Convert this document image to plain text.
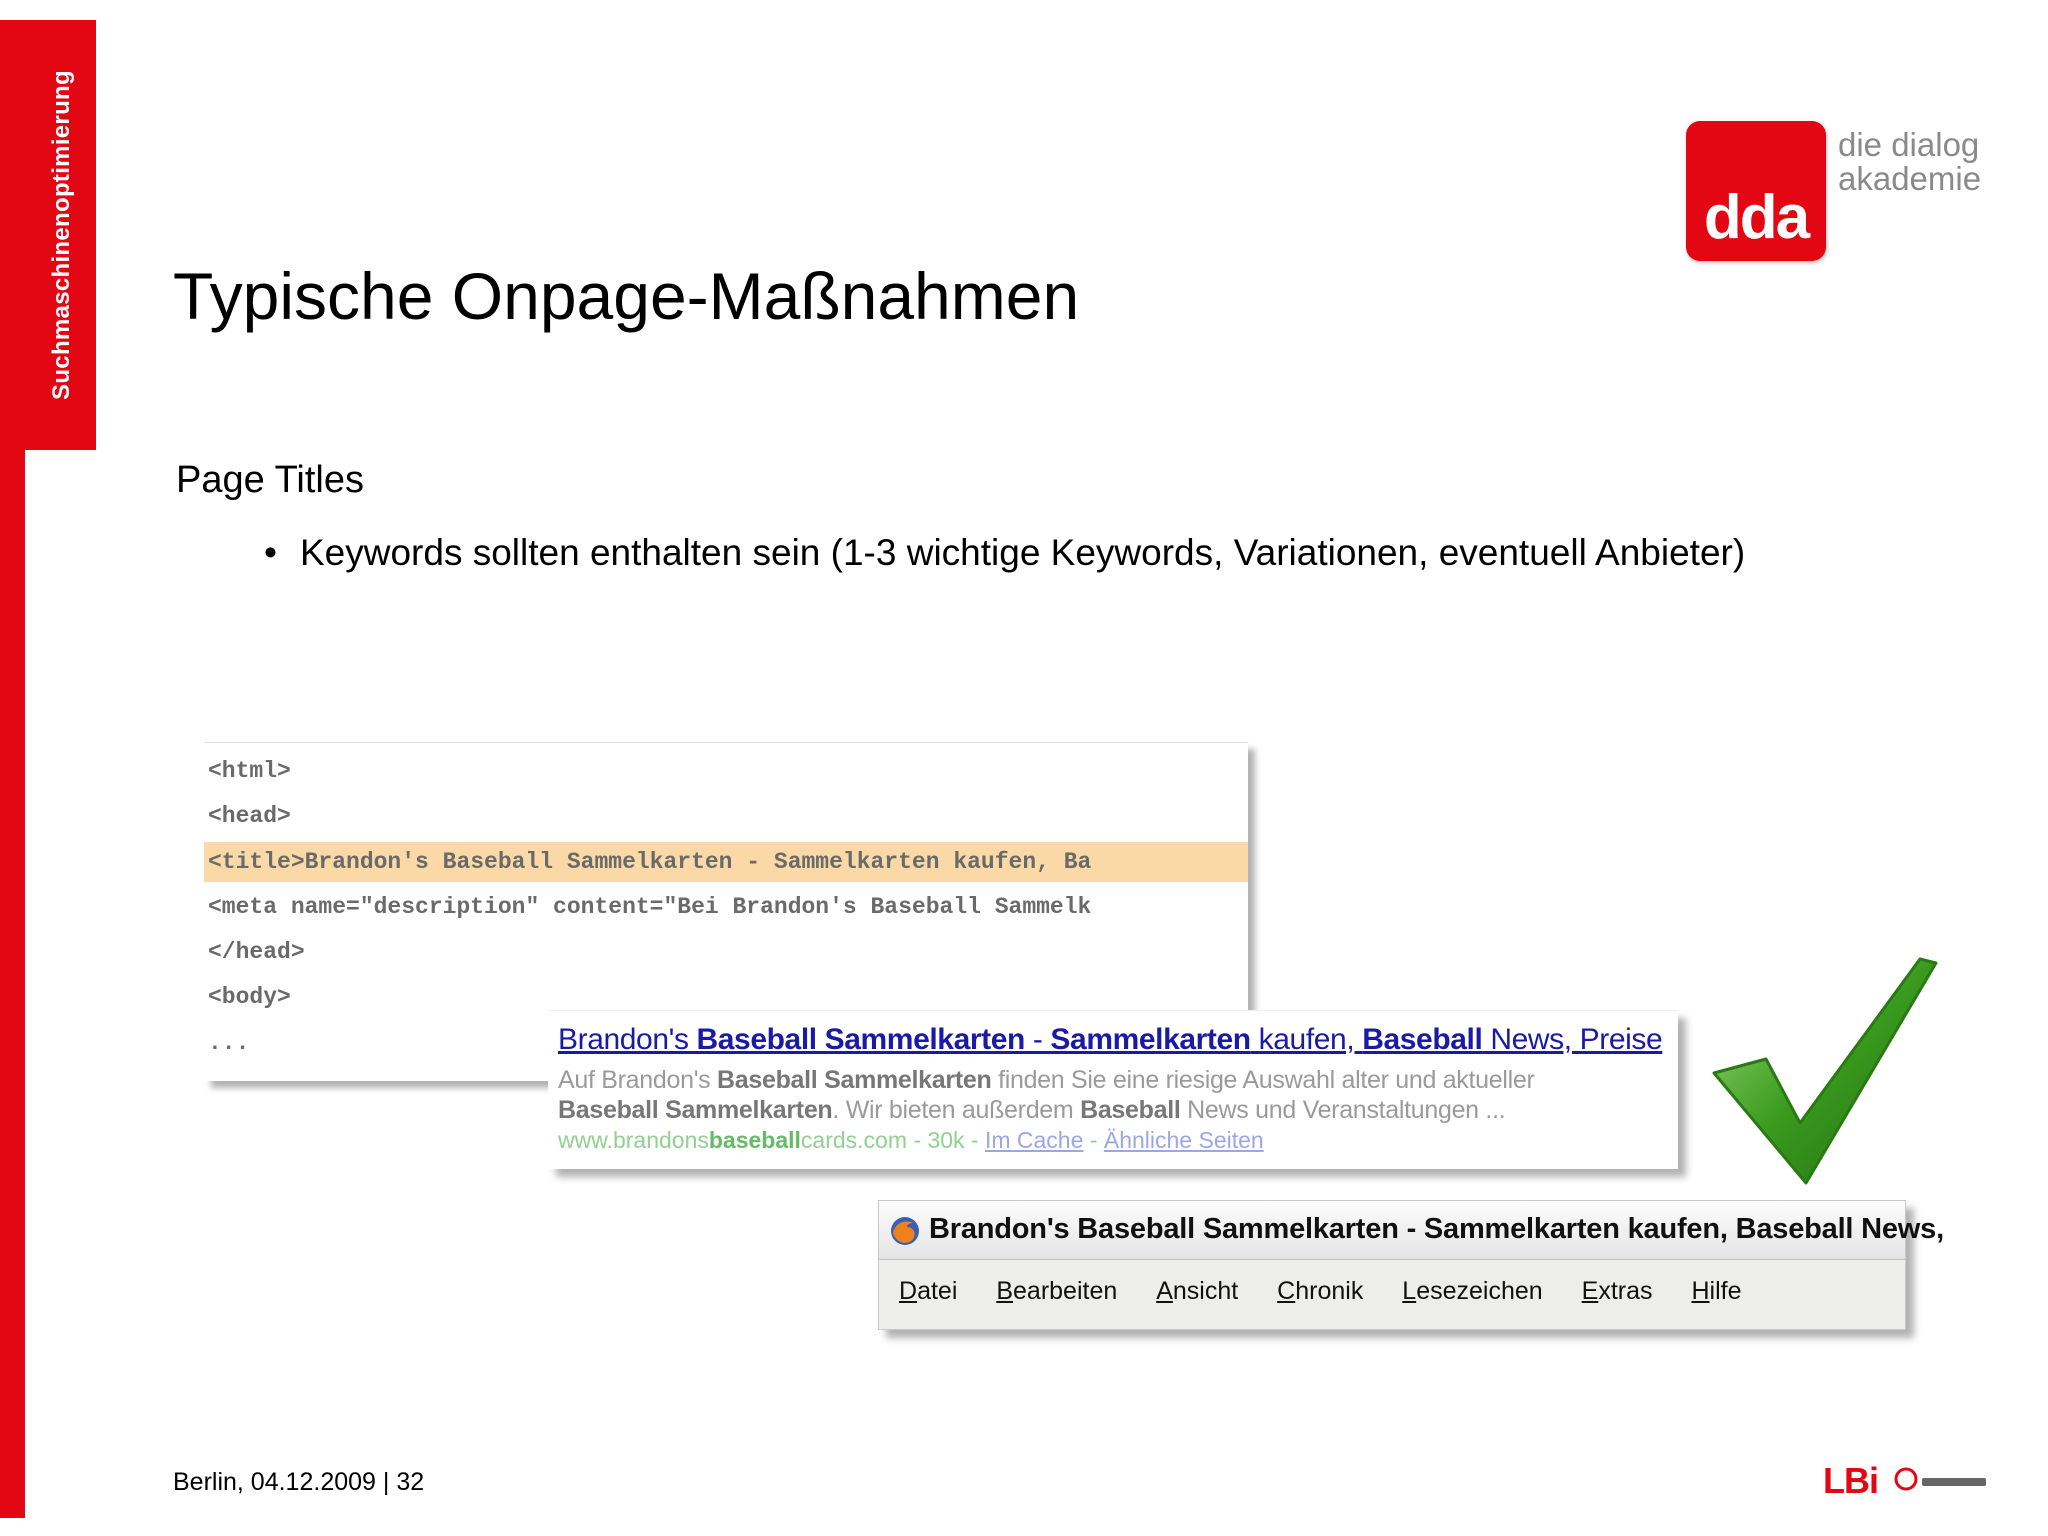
Suchmaschinenoptimierung	dda
die dialog
akademie
Typische Onpage-Maßnahmen
Page Titles
• Keywords sollten enthalten sein (1-3 wichtige Keywords, Variationen, eventuell Anbieter)
<html>
<head>
<title>Brandon's Baseball Sammelkarten - Sammelkarten kaufen, Ba
<meta name="description" content="Bei Brandon's Baseball Sammelk
</head>
<body>
...	Brandon's Baseball Sammelkarten - Sammelkarten kaufen, Baseball News, Preise
Auf Brandon's Baseball Sammelkarten finden Sie eine riesige Auswahl alter und aktueller
Baseball Sammelkarten. Wir bieten außerdem Baseball News und Veranstaltungen ...
www.brandonsbaseballcards.com - 30k - Im Cache - Ähnliche Seiten
Brandon's Baseball Sammelkarten - Sammelkarten kaufen, Baseball News,
Datei Bearbeiten Ansicht Chronik Lesezeichen Extras Hilfe
Berlin, 04.12.2009 | 32	LBi
